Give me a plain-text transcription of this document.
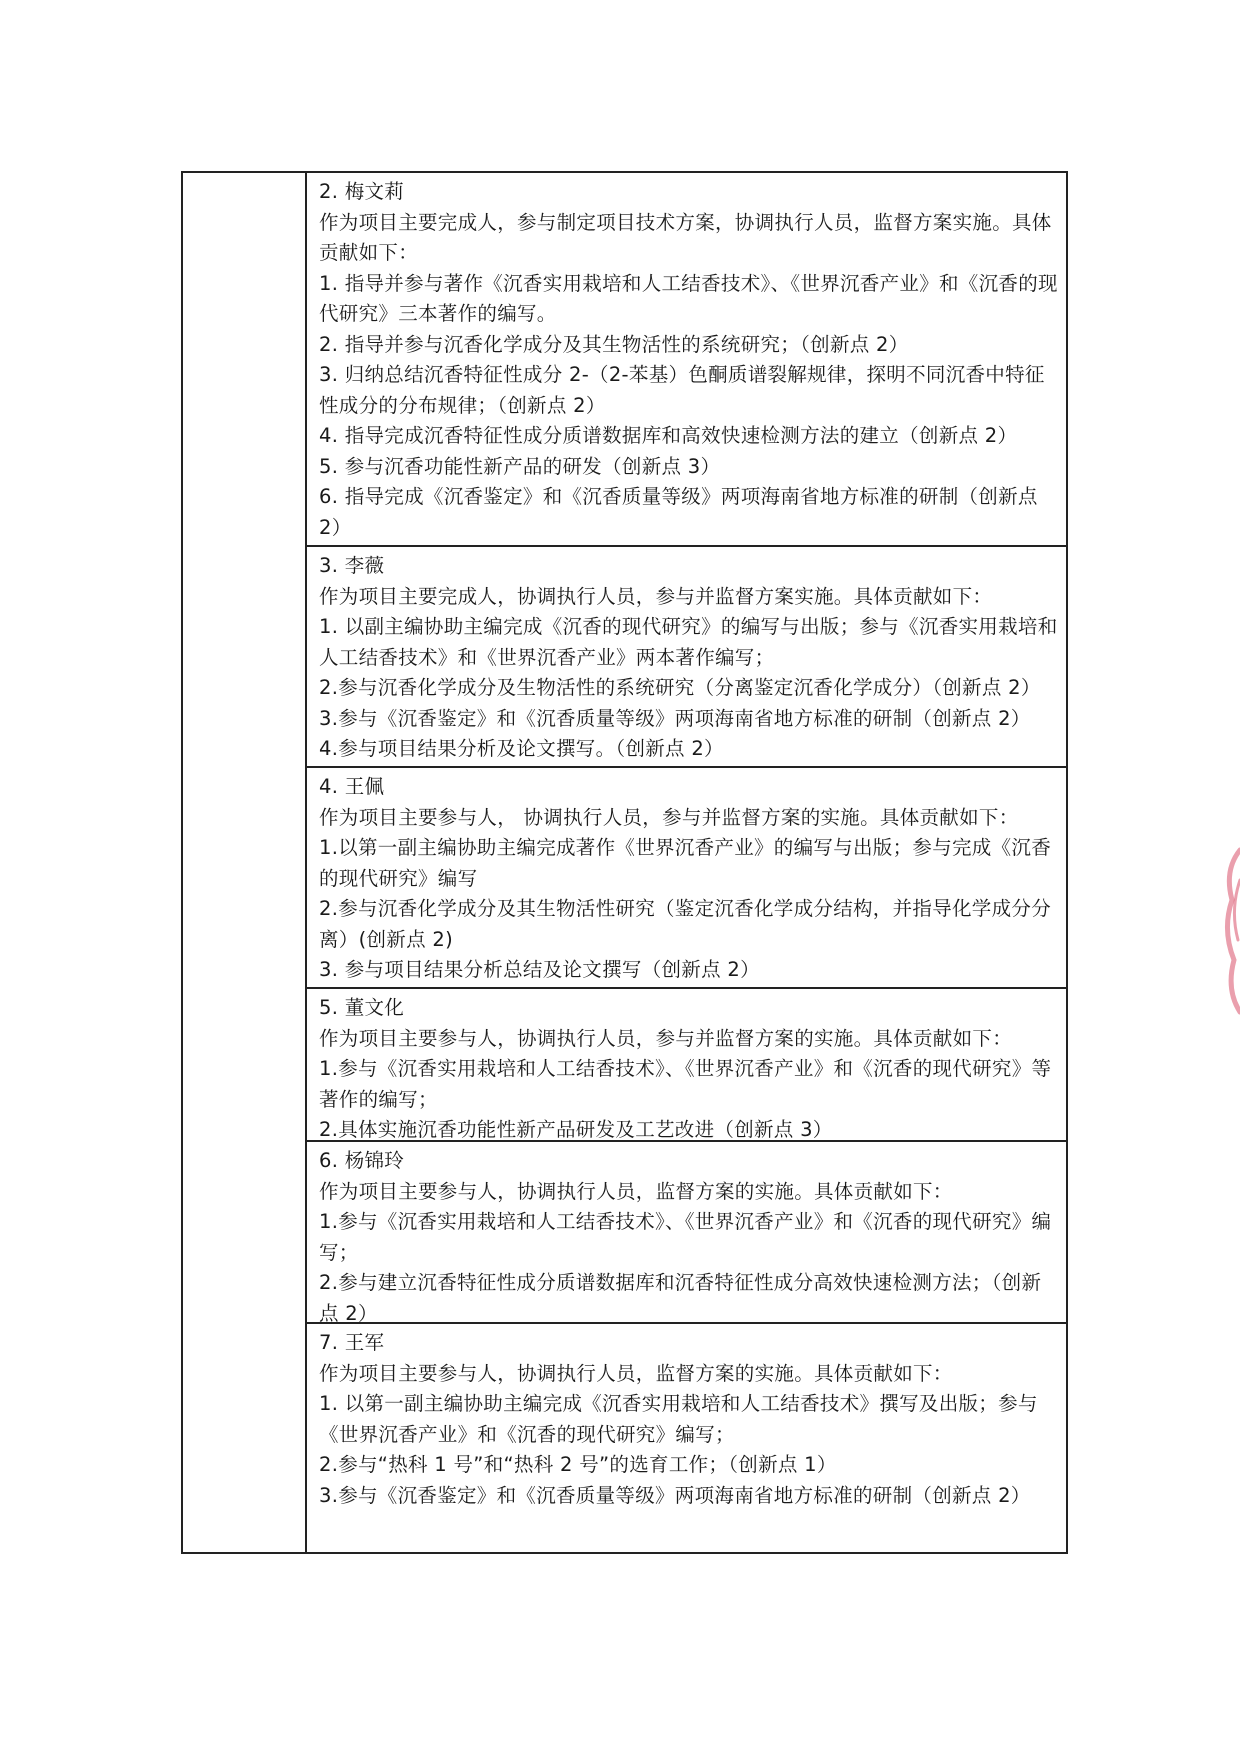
2. 梅文莉
作为项目主要完成人，参与制定项目技术方案，协调执行人员，监督方案实施。具体贡献如下：
1. 指导并参与著作《沉香实用栽培和人工结香技术》、《世界沉香产业》和《沉香的现代研究》三本著作的编写。
2. 指导并参与沉香化学成分及其生物活性的系统研究；（创新点 2）
3. 归纳总结沉香特征性成分 2-（2-苯基）色酮质谱裂解规律，探明不同沉香中特征性成分的分布规律；（创新点 2）
4. 指导完成沉香特征性成分质谱数据库和高效快速检测方法的建立（创新点 2）
5. 参与沉香功能性新产品的研发（创新点 3）
6. 指导完成《沉香鉴定》和《沉香质量等级》两项海南省地方标准的研制（创新点 2）
3. 李薇
作为项目主要完成人，协调执行人员，参与并监督方案实施。具体贡献如下：
1. 以副主编协助主编完成《沉香的现代研究》的编写与出版；参与《沉香实用栽培和人工结香技术》和《世界沉香产业》两本著作编写；
2.参与沉香化学成分及生物活性的系统研究（分离鉴定沉香化学成分）（创新点 2）
3.参与《沉香鉴定》和《沉香质量等级》两项海南省地方标准的研制（创新点 2）
4.参与项目结果分析及论文撰写。（创新点 2）
4. 王佩
作为项目主要参与人， 协调执行人员，参与并监督方案的实施。具体贡献如下：
1.以第一副主编协助主编完成著作《世界沉香产业》的编写与出版；参与完成《沉香的现代研究》编写
2.参与沉香化学成分及其生物活性研究（鉴定沉香化学成分结构，并指导化学成分分离）(创新点 2)
3. 参与项目结果分析总结及论文撰写（创新点 2）
5. 董文化
作为项目主要参与人，协调执行人员，参与并监督方案的实施。具体贡献如下：
1.参与《沉香实用栽培和人工结香技术》、《世界沉香产业》和《沉香的现代研究》等著作的编写；
2.具体实施沉香功能性新产品研发及工艺改进（创新点 3）
6. 杨锦玲
作为项目主要参与人，协调执行人员，监督方案的实施。具体贡献如下：
1.参与《沉香实用栽培和人工结香技术》、《世界沉香产业》和《沉香的现代研究》编写；
2.参与建立沉香特征性成分质谱数据库和沉香特征性成分高效快速检测方法；（创新点 2）
7. 王军
作为项目主要参与人，协调执行人员，监督方案的实施。具体贡献如下：
1. 以第一副主编协助主编完成《沉香实用栽培和人工结香技术》撰写及出版；参与《世界沉香产业》和《沉香的现代研究》编写；
2.参与“热科 1 号”和“热科 2 号”的选育工作；（创新点 1）
3.参与《沉香鉴定》和《沉香质量等级》两项海南省地方标准的研制（创新点 2）
